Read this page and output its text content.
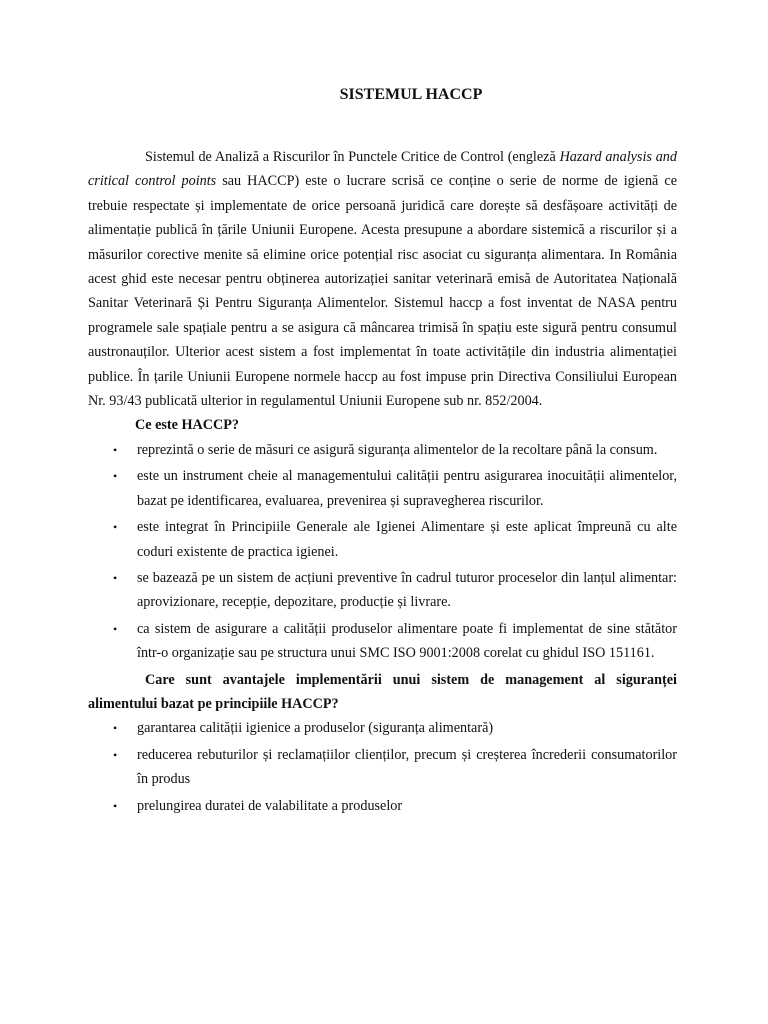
SISTEMUL HACCP

Sistemul de Analiză a Riscurilor în Punctele Critice de Control (engleză Hazard analysis and critical control points sau HACCP) este o lucrare scrisă ce conține o serie de norme de igienă ce trebuie respectate și implementate de orice persoană juridică care dorește să desfășoare activități de alimentație publică în țările Uniunii Europene. Acesta presupune a abordare sistemică a riscurilor și a măsurilor corective menite să elimine orice potențial risc asociat cu siguranța alimentara. In România acest ghid este necesar pentru obținerea autorizației sanitar veterinară emisă de Autoritatea Națională Sanitar Veterinară Și Pentru Siguranța Alimentelor. Sistemul haccp a fost inventat de NASA pentru programele sale spațiale pentru a se asigura că mâncarea trimisă în spațiu este sigură pentru consumul austronauților. Ulterior acest sistem a fost implementat în toate activitățile din industria alimentației publice. În țarile Uniunii Europene normele haccp au fost impuse prin Directiva Consiliului European Nr. 93/43 publicată ulterior in regulamentul Uniunii Europene sub nr. 852/2004.

Ce este HACCP?

• reprezintă o serie de măsuri ce asigură siguranța alimentelor de la recoltare până la consum.
• este un instrument cheie al managementului calității pentru asigurarea inocuității alimentelor, bazat pe identificarea, evaluarea, prevenirea și supravegherea riscurilor.
• este integrat în Principiile Generale ale Igienei Alimentare și este aplicat împreună cu alte coduri existente de practica igienei.
• se bazează pe un sistem de acțiuni preventive în cadrul tuturor proceselor din lanțul alimentar: aprovizionare, recepție, depozitare, producție și livrare.
• ca sistem de asigurare a calității produselor alimentare poate fi implementat de sine stătător într-o organizație sau pe structura unui SMC ISO 9001:2008 corelat cu ghidul ISO 151161.

Care sunt avantajele implementării unui sistem de management al siguranței alimentului bazat pe principiile HACCP?

• garantarea calității igienice a produselor (siguranța alimentară)
• reducerea rebuturilor și reclamațiilor clienților, precum și creșterea încrederii consumatorilor în produs
• prelungirea duratei de valabilitate a produselor
